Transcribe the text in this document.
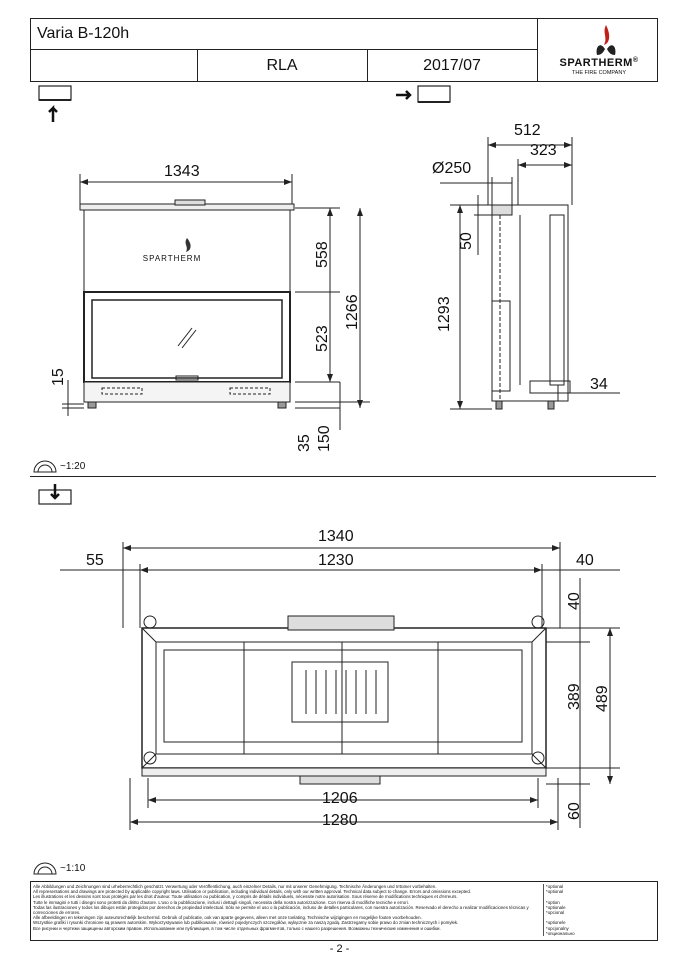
Varia B-120h
RLA	2017/07	SPARTHERM®
THE FIRE COMPANY
SPARTHERM
1343
558
523
1266
15
35 150
512
323
Ø250
50
1293
34
~1:20
1340
1230
55	40
40
389 489
1206
1280
60
~1:10
Alle Abbildungen und Zeichnungen sind urheberrechtlich geschützt. Verwertung oder Veröffentlichung, auch einzelner Details, nur mit unserer Genehmigung. Technische Änderungen und Irrtümer vorbehalten.
All representations and drawings are protected by applicable copyright laws. Utilisation or publication, including individual details, only with our written approval. Technical data subject to change. Errors and omissions excepted.
Les illustrations et les dessins sont tous protégés par les droit d'auteur. Toute utilisation ou publication, y compris de détails individuels, nécessite notre autorisation. Sous réserve de modifications techniques et d'erreurs.
Tutte le immagini e tutti i disegni sono protetti da diritto d'autore. L'uso o la pubblicazione, inclusi i dettagli singoli, necessita della nostra autorizzazione. Con riserva di modifiche tecniche e errori.
Todas las ilustraciones y todos los dibujos están protegidos por derechos de propiedad intelectual. Sólo se permite el uso o la publicación, incluso de detalles particulares, con nuestra autorización. Reservado el derecho a realizar modificaciones técnicas y correcciones de errores.
Alle afbeeldingen en tekeningen zijn auteursrechtelijk beschermd. Gebruik of publicatie, ook van aparte gegevens, alleen met onze toelating. Technische wijzigingen en mogelijke fouten voorbehouden.
Wszystkie grafiki i rysunki chronione są prawem autorskim. Wykorzystywanie lub publikowanie, również pojedynczych szczegółów, wyłącznie za naszą zgodą. Zastrzegamy sobie prawo do zmian technicznych i pomyłek.
Все рисунки и чертежи защищены авторским правом. Использование или публикация, в том числе отдельных фрагментов, только с нашего разрешения. Возможны технические изменения и ошибки.
*optional
*optional

*option
*optionale
*opcional

*optionele
*opcjonalny
*опционально
- 2 -
